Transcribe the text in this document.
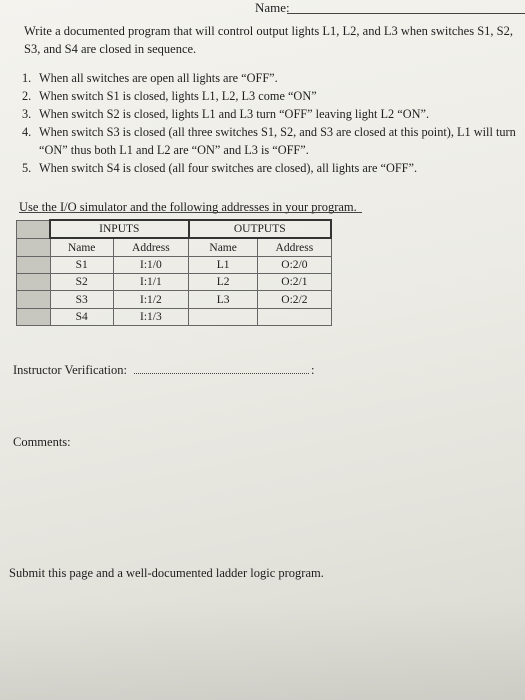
Name:
Write a documented program that will control output lights L1, L2, and L3 when switches S1, S2, S3, and S4 are closed in sequence.
1. When all switches are open all lights are “OFF”.
2. When switch S1 is closed, lights L1, L2, L3 come “ON”
3. When switch S2 is closed, lights L1 and L3 turn “OFF” leaving light L2 “ON”.
4. When switch S3 is closed (all three switches S1, S2, and S3 are closed at this point), L1 will turn “ON” thus both L1 and L2 are “ON” and L3 is “OFF”.
5. When switch S4 is closed (all four switches are closed), all lights are “OFF”.
Use the I/O simulator and the following addresses in your program.
	INPUTS		OUTPUTS	
	Name	Address	Name	Address
	S1	I:1/0	L1	O:2/0
	S2	I:1/1	L2	O:2/1
	S3	I:1/2	L3	O:2/2
	S4	I:1/3		
Instructor Verification:	:
Comments:
Submit this page and a well-documented ladder logic program.
